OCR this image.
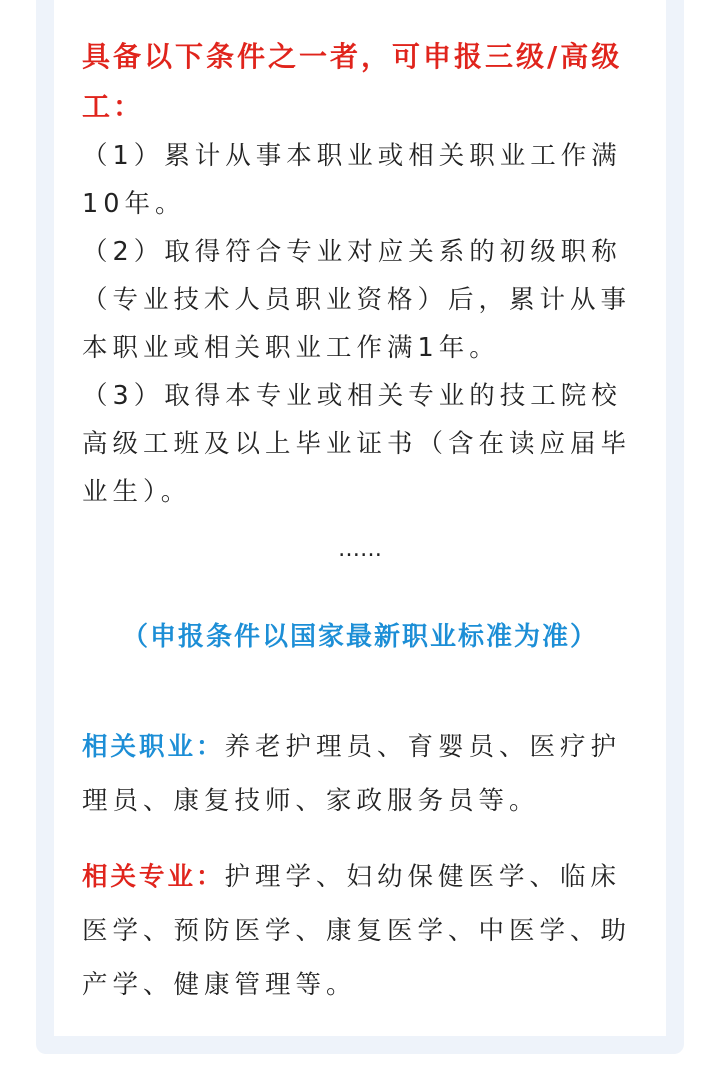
具备以下条件之一者，可申报三级/高级工：

（1）累计从事本职业或相关职业工作满10年。

（2）取得符合专业对应关系的初级职称（专业技术人员职业资格）后，累计从事本职业或相关职业工作满1年。

（3）取得本专业或相关专业的技工院校高级工班及以上毕业证书（含在读应届毕业生）。

……

（申报条件以国家最新职业标准为准）

相关职业：养老护理员、育婴员、医疗护理员、康复技师、家政服务员等。

相关专业：护理学、妇幼保健医学、临床医学、预防医学、康复医学、中医学、助产学、健康管理等。
